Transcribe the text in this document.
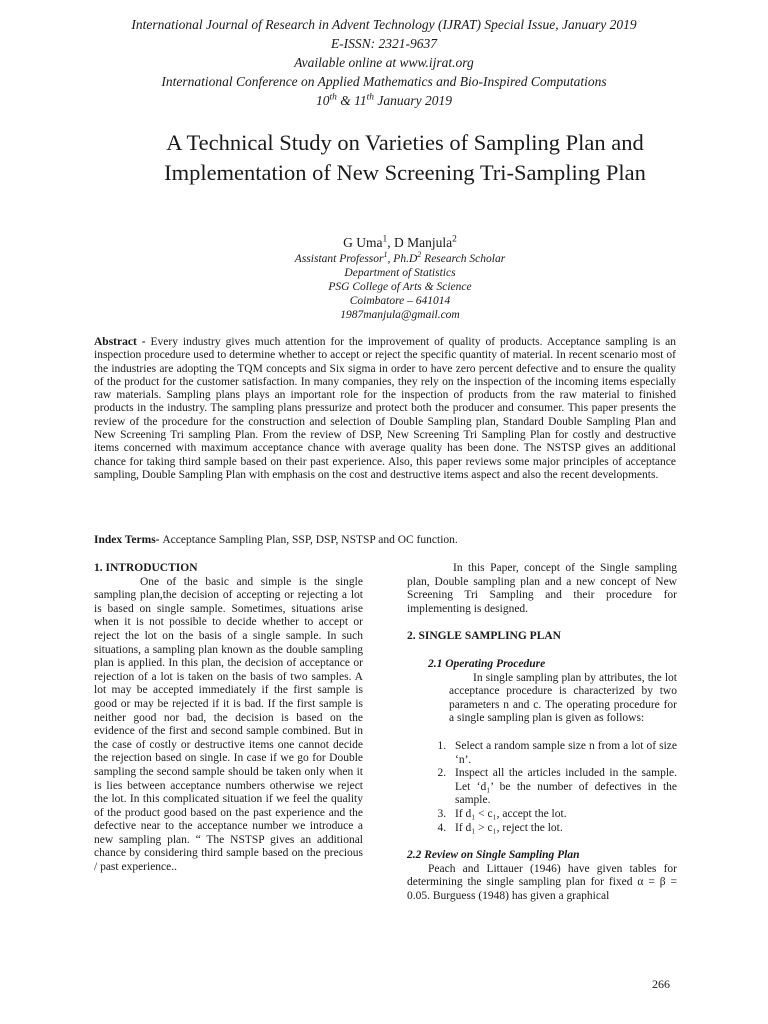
International Journal of Research in Advent Technology (IJRAT) Special Issue, January 2019
E-ISSN: 2321-9637
Available online at www.ijrat.org
International Conference on Applied Mathematics and Bio-Inspired Computations
10th & 11th January 2019
A Technical Study on Varieties of Sampling Plan and Implementation of New Screening Tri-Sampling Plan
G Uma$^1$, D Manjula$^2$
Assistant Professor$^1$, $Ph.D^2$ Research Scholar
Department of Statistics
PSG College of Arts & Science
Coimbatore – 641014
1987manjula@gmail.com
Abstract - Every industry gives much attention for the improvement of quality of products. Acceptance sampling is an inspection procedure used to determine whether to accept or reject the specific quantity of material. In recent scenario most of the industries are adopting the TQM concepts and Six sigma in order to have zero percent defective and to ensure the quality of the product for the customer satisfaction. In many companies, they rely on the inspection of the incoming items especially raw materials. Sampling plans plays an important role for the inspection of products from the raw material to finished products in the industry. The sampling plans pressurize and protect both the producer and consumer. This paper presents the review of the procedure for the construction and selection of Double Sampling plan, Standard Double Sampling Plan and New Screening Tri sampling Plan. From the review of DSP, New Screening Tri Sampling Plan for costly and destructive items concerned with maximum acceptance chance with average quality has been done. The NSTSP gives an additional chance for taking third sample based on their past experience. Also, this paper reviews some major principles of acceptance sampling, Double Sampling Plan with emphasis on the cost and destructive items aspect and also the recent developments.
Index Terms- Acceptance Sampling Plan, SSP, DSP, NSTSP and OC function.

1. INTRODUCTION

One of the basic and simple is the single sampling plan,the decision of accepting or rejecting a lot is based on single sample. Sometimes, situations arise when it is not possible to decide whether to accept or reject the lot on the basis of a single sample. In such situations, a sampling plan known as the double sampling plan is applied. In this plan, the decision of acceptance or rejection of a lot is taken on the basis of two samples. A lot may be accepted immediately if the first sample is good or may be rejected if it is bad. If the first sample is neither good nor bad, the decision is based on the evidence of the first and second sample combined. But in the case of costly or destructive items one cannot decide the rejection based on single. In case if we go for Double sampling the second sample should be taken only when it is lies between acceptance numbers otherwise we reject the lot. In this complicated situation if we feel the quality of the product good based on the past experience and the defective near to the acceptance number we introduce a new sampling plan. “ The NSTSP gives an additional chance by considering third sample based on the precious / past experience..

In this Paper, concept of the Single sampling plan, Double sampling plan and a new concept of New Screening Tri Sampling and their procedure for implementing is designed.

2. SINGLE SAMPLING PLAN

2.1 Operating Procedure

In single sampling plan by attributes, the lot acceptance procedure is characterized by two parameters n and c. The operating procedure for a single sampling plan is given as follows:

1. Select a random sample size n from a lot of size ‘n’.
2. Inspect all the articles included in the sample. Let ‘d₁’ be the number of defectives in the sample.
3. If d₁ < c₁, accept the lot.
4. If d₁ > c₁, reject the lot.

2.2 Review on Single Sampling Plan

Peach and Littauer (1946) have given tables for determining the single sampling plan for fixed α = β = 0.05. Burguess (1948) has given a graphical

266
